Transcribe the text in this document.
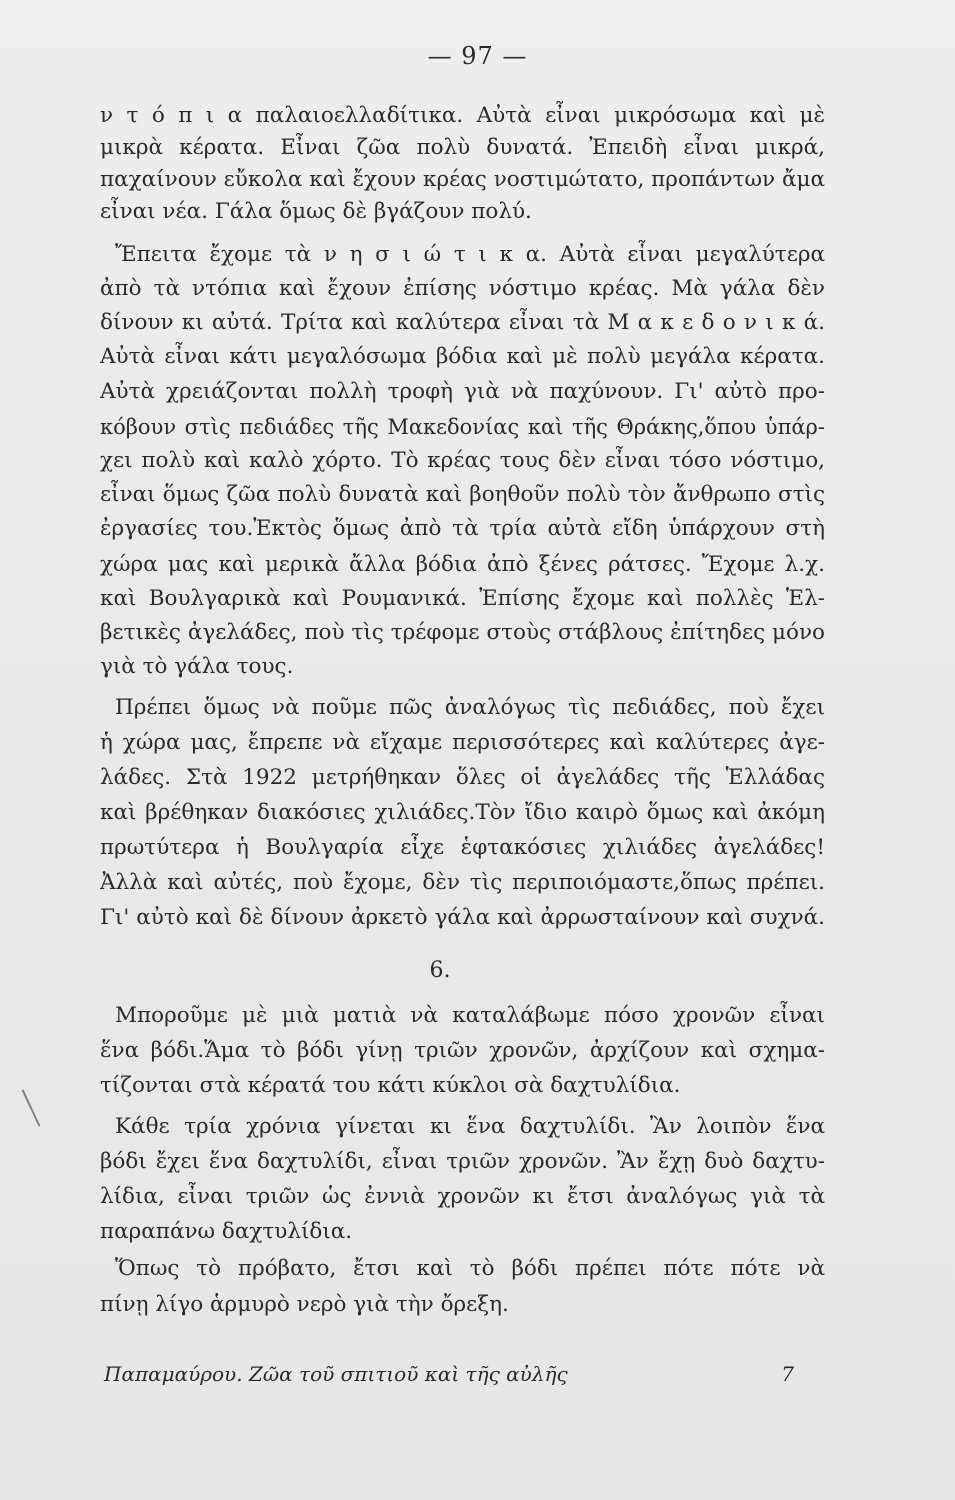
— 97 —
ν τ ό π ι α παλαιοελλαδίτικα. Αὐτὰ εἶναι μικρόσωμα καὶ μὲ
μικρὰ κέρατα. Εἶναι ζῶα πολὺ δυνατά. Ἐπειδὴ εἶναι μικρά,
παχαίνουν εὔκολα καὶ ἔχουν κρέας νοστιμώτατο, προπάντων ἄμα
εἶναι νέα. Γάλα ὅμως δὲ βγάζουν πολύ.
Ἔπειτα ἔχομε τὰ ν η σ ι ώ τ ι κ α. Αὐτὰ εἶναι μεγαλύτερα
ἀπὸ τὰ ντόπια καὶ ἔχουν ἐπίσης νόστιμο κρέας. Μὰ γάλα δὲν
δίνουν κι αὐτά. Τρίτα καὶ καλύτερα εἶναι τὰ Μ α κ ε δ ο ν ι κ ά.
Αὐτὰ εἶναι κάτι μεγαλόσωμα βόδια καὶ μὲ πολὺ μεγάλα κέρατα.
Αὐτὰ χρειάζονται πολλὴ τροφὴ γιὰ νὰ παχύνουν. Γι' αὐτὸ προ-
κόβουν στὶς πεδιάδες τῆς Μακεδονίας καὶ τῆς Θράκης,ὅπου ὑπάρ-
χει πολὺ καὶ καλὸ χόρτο. Τὸ κρέας τους δὲν εἶναι τόσο νόστιμο,
εἶναι ὅμως ζῶα πολὺ δυνατὰ καὶ βοηθοῦν πολὺ τὸν ἄνθρωπο στὶς
ἐργασίες του.Ἐκτὸς ὅμως ἀπὸ τὰ τρία αὐτὰ εἴδη ὑπάρχουν στὴ
χώρα μας καὶ μερικὰ ἄλλα βόδια ἀπὸ ξένες ράτσες. Ἔχομε λ.χ.
καὶ Βουλγαρικὰ καὶ Ρουμανικά. Ἐπίσης ἔχομε καὶ πολλὲς Ἑλ-
βετικὲς ἀγελάδες, ποὺ τὶς τρέφομε στοὺς στάβλους ἐπίτηδες μόνο
γιὰ τὸ γάλα τους.
Πρέπει ὅμως νὰ ποῦμε πῶς ἀναλόγως τὶς πεδιάδες, ποὺ ἔχει
ἡ χώρα μας, ἔπρεπε νὰ εἴχαμε περισσότερες καὶ καλύτερες ἀγε-
λάδες. Στὰ 1922 μετρήθηκαν ὅλες οἱ ἀγελάδες τῆς Ἑλλάδας
καὶ βρέθηκαν διακόσιες χιλιάδες.Τὸν ἴδιο καιρὸ ὅμως καὶ ἀκόμη
πρωτύτερα ἡ Βουλγαρία εἶχε ἑφτακόσιες χιλιάδες ἀγελάδες!
Ἀλλὰ καὶ αὐτές, ποὺ ἔχομε, δὲν τὶς περιποιόμαστε,ὅπως πρέπει.
Γι' αὐτὸ καὶ δὲ δίνουν ἀρκετὸ γάλα καὶ ἀρρωσταίνουν καὶ συχνά.
Μποροῦμε μὲ μιὰ ματιὰ νὰ καταλάβωμε πόσο χρονῶν εἶναι
ἕνα βόδι.Ἅμα τὸ βόδι γίνῃ τριῶν χρονῶν, ἀρχίζουν καὶ σχημα-
τίζονται στὰ κέρατά του κάτι κύκλοι σὰ δαχτυλίδια.
Κάθε τρία χρόνια γίνεται κι ἕνα δαχτυλίδι. Ἂν λοιπὸν ἕνα
βόδι ἔχει ἕνα δαχτυλίδι, εἶναι τριῶν χρονῶν. Ἂν ἔχῃ δυὸ δαχτυ-
λίδια, εἶναι τριῶν ὡς ἐννιὰ χρονῶν κι ἔτσι ἀναλόγως γιὰ τὰ
παραπάνω δαχτυλίδια.
Ὅπως τὸ πρόβατο, ἔτσι καὶ τὸ βόδι πρέπει πότε πότε νὰ
πίνῃ λίγο ἁρμυρὸ νερὸ γιὰ τὴν ὄρεξη.
6.
Παπαμαύρου. Ζῶα τοῦ σπιτιοῦ καὶ τῆς αὐλῆς	7
